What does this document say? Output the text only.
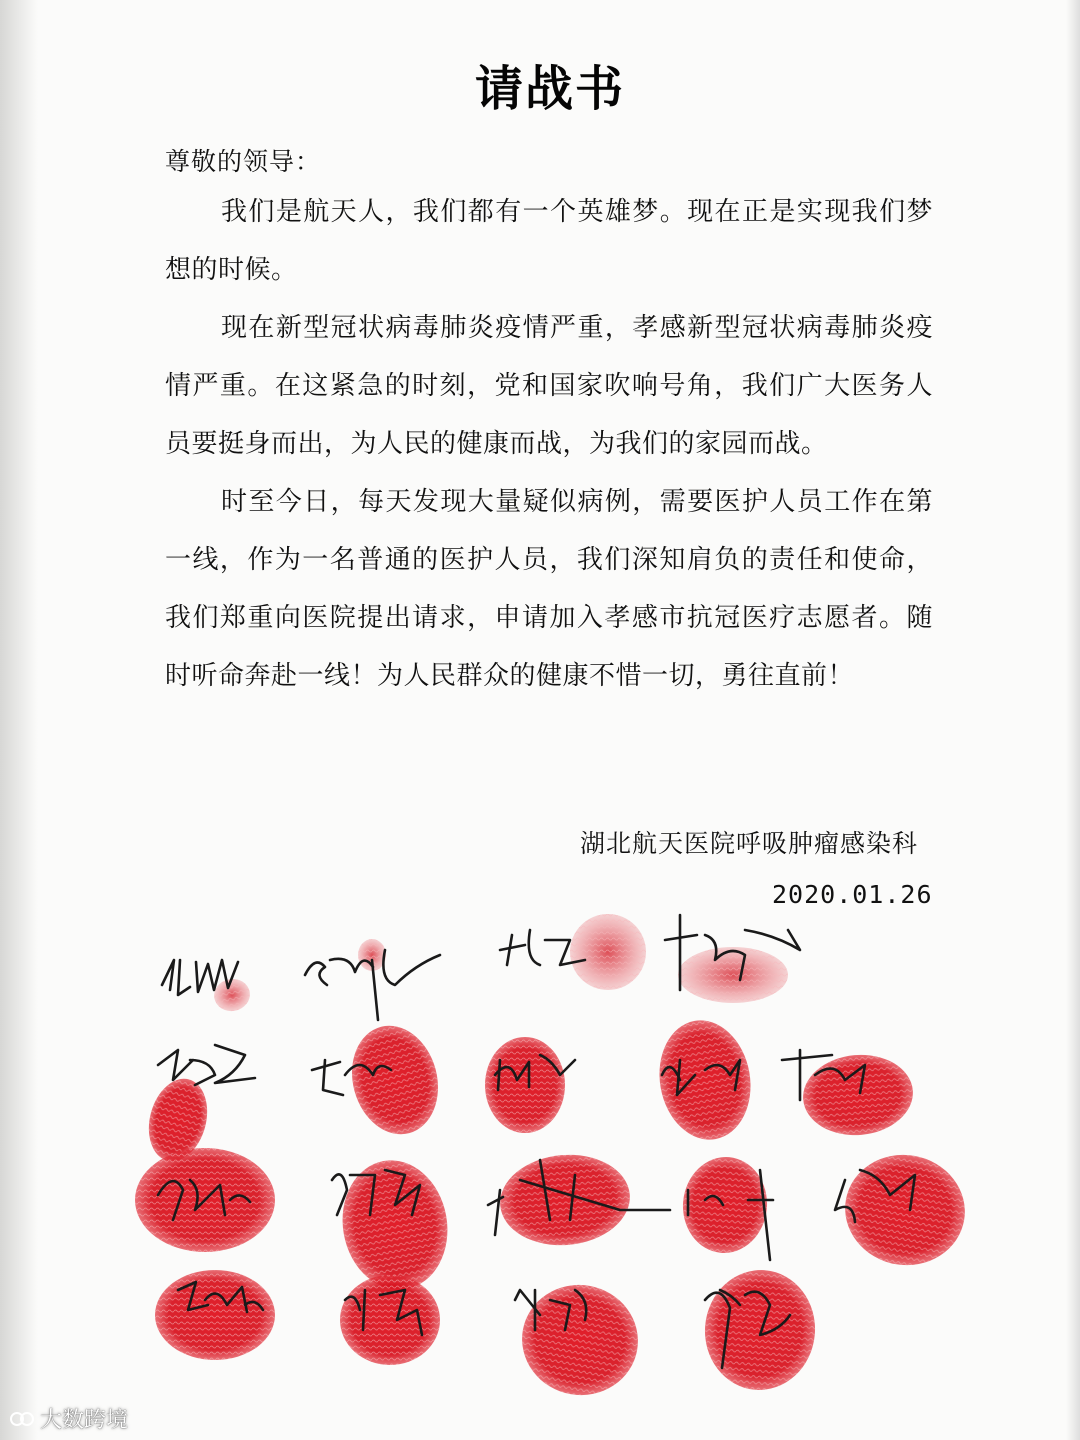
请战书
尊敬的领导：

我们是航天人，我们都有一个英雄梦。现在正是实现我们梦想的时候。

现在新型冠状病毒肺炎疫情严重，孝感新型冠状病毒肺炎疫情严重。在这紧急的时刻，党和国家吹响号角，我们广大医务人员要挺身而出，为人民的健康而战，为我们的家园而战。

时至今日，每天发现大量疑似病例，需要医护人员工作在第一线，作为一名普通的医护人员，我们深知肩负的责任和使命，我们郑重向医院提出请求，申请加入孝感市抗冠医疗志愿者。随时听命奔赴一线！为人民群众的健康不惜一切，勇往直前！

湖北航天医院呼吸肿瘤感染科
2020.01.26
大数跨境
